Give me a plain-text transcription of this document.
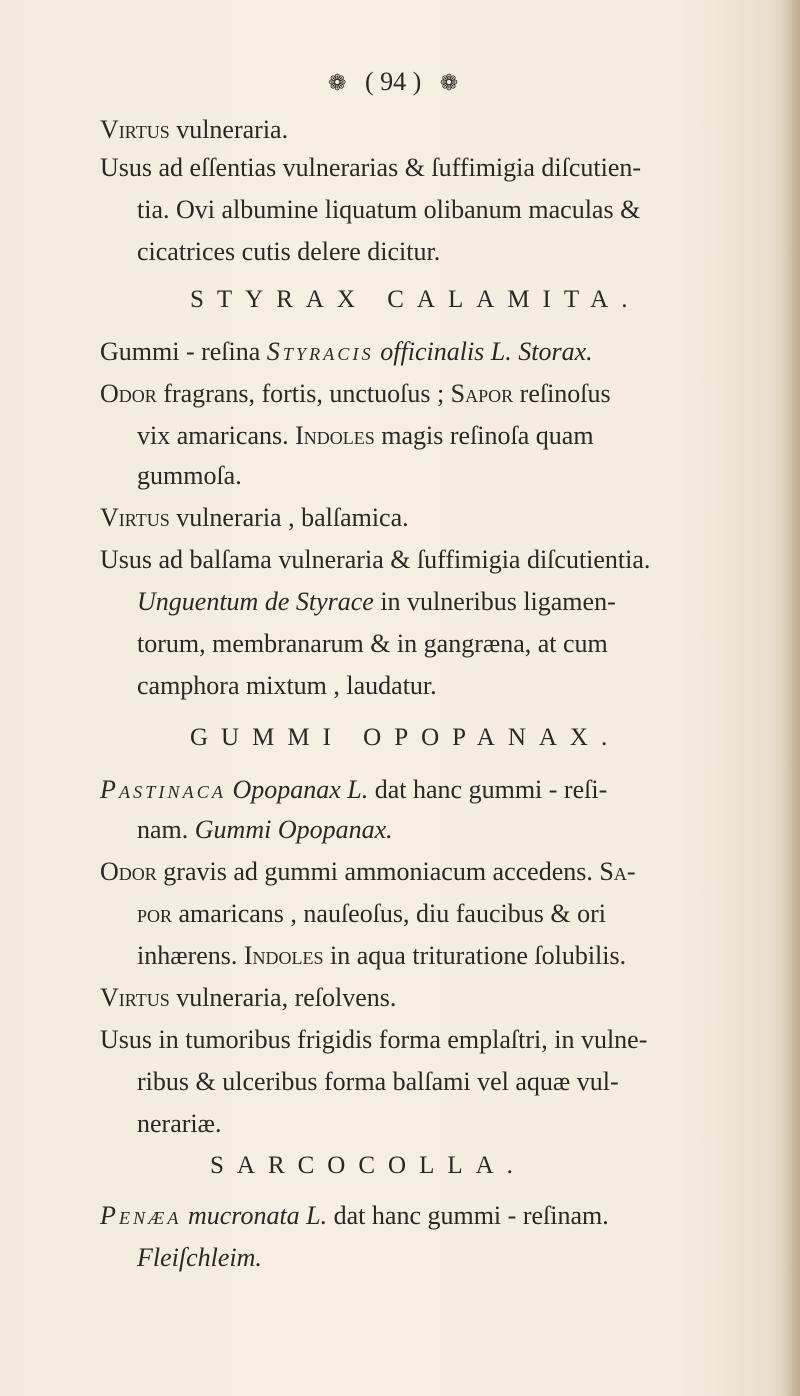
❁ ( 94 ) ❁
Virtus vulneraria.
Usus ad eſſentias vulnerarias & ſuffimigia diſcutien-
tia. Ovi albumine liquatum olibanum maculas &
cicatrices cutis delere dicitur.
STYRAX CALAMITA.
Gummi - reſina Styracis officinalis L. Storax.
Odor fragrans, fortis, unctuoſus ; Sapor reſinoſus
vix amaricans. Indoles magis reſinoſa quam
gummoſa.
Virtus vulneraria , balſamica.
Usus ad balſama vulneraria & ſuffimigia diſcutientia.
Unguentum de Styrace in vulneribus ligamen-
torum, membranarum & in gangræna, at cum
camphora mixtum , laudatur.
GUMMI OPOPANAX.
Pastinaca Opopanax L. dat hanc gummi - reſi-
nam. Gummi Opopanax.
Odor gravis ad gummi ammoniacum accedens. Sa-
por amaricans , nauſeoſus, diu faucibus & ori
inhærens. Indoles in aqua trituratione ſolubilis.
Virtus vulneraria, reſolvens.
Usus in tumoribus frigidis forma emplaſtri, in vulne-
ribus & ulceribus forma balſami vel aquæ vul-
nerariæ.
SARCOCOLLA.
Penæa mucronata L. dat hanc gummi - reſinam.
Fleiſchleim.
